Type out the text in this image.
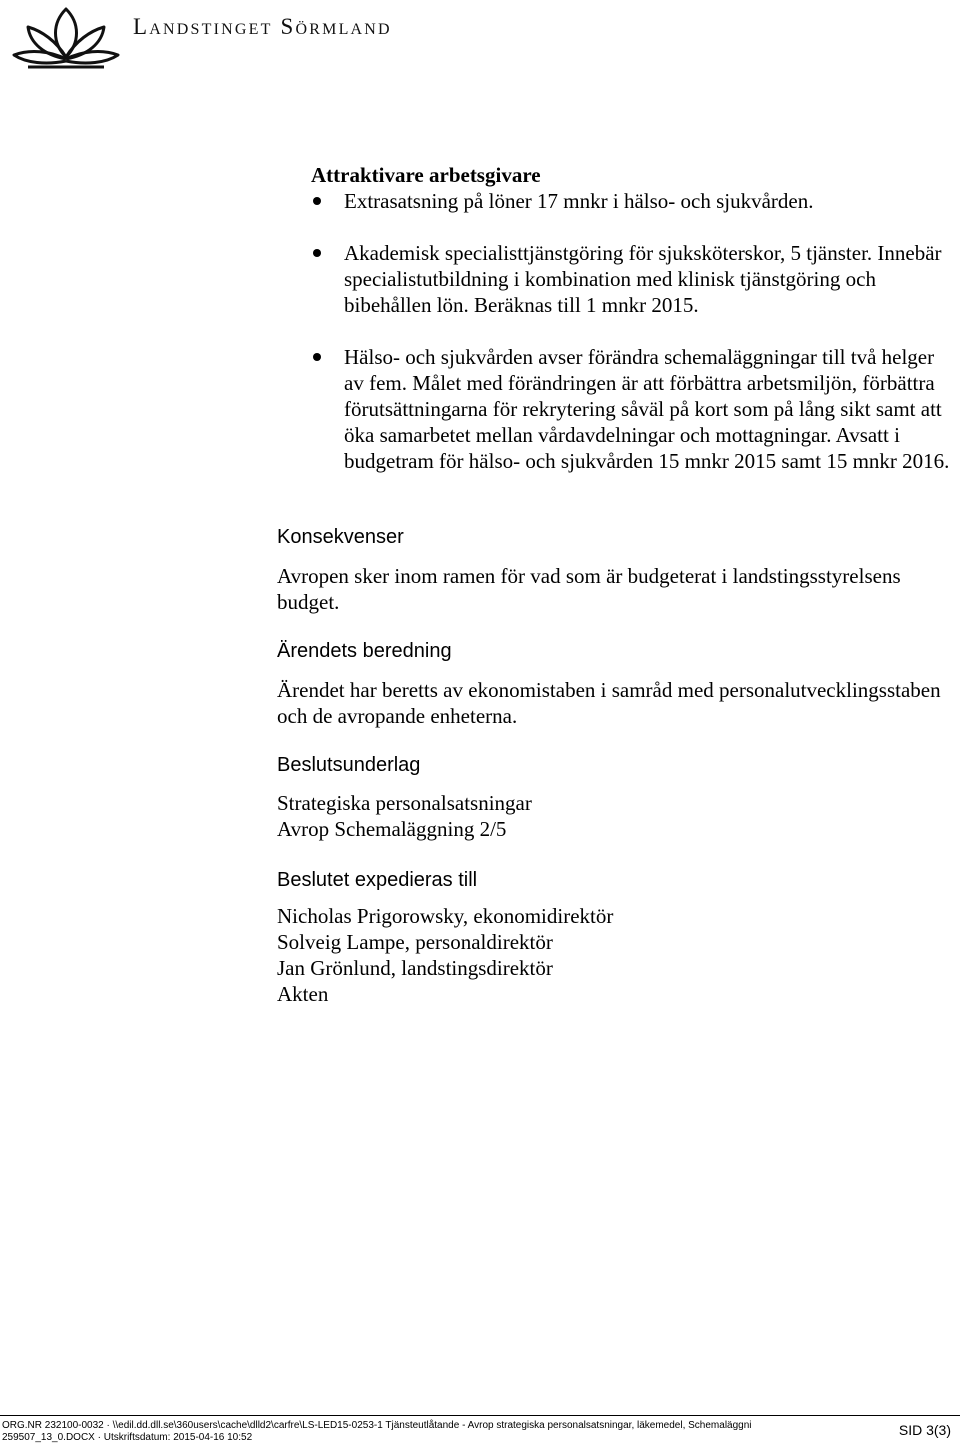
Landstinget Sörmland
Attraktivare arbetsgivare
Extrasatsning på löner 17 mnkr i hälso- och sjukvården.
Akademisk specialisttjänstgöring för sjuksköterskor, 5 tjänster. Innebär specialistutbildning i kombination med klinisk tjänstgöring och bibehållen lön. Beräknas till 1 mnkr 2015.
Hälso- och sjukvården avser förändra schemaläggningar till två helger av fem. Målet med förändringen är att förbättra arbetsmiljön, förbättra förutsättningarna för rekrytering såväl på kort som på lång sikt samt att öka samarbetet mellan vårdavdelningar och mottagningar. Avsatt i budgetram för hälso- och sjukvården 15 mnkr 2015 samt 15 mnkr 2016.
Konsekvenser

Avropen sker inom ramen för vad som är budgeterat i landstingsstyrelsens budget.

Ärendets beredning

Ärendet har beretts av ekonomistaben i samråd med personalutvecklingsstaben och de avropande enheterna.

Beslutsunderlag
Strategiska personalsatsningar
Avrop Schemaläggning 2/5
Beslutet expedieras till
Nicholas Prigorowsky, ekonomidirektör
Solveig Lampe, personaldirektör
Jan Grönlund, landstingsdirektör
Akten
ORG.NR 232100-0032 · \\edil.dd.dll.se\360users\cache\dlld2\carfre\LS-LED15-0253-1 Tjänsteutlåtande - Avrop strategiska personalsatsningar, läkemedel, Schemaläggni
259507_13_0.DOCX · Utskriftsdatum: 2015-04-16 10:52	SID 3(3)
